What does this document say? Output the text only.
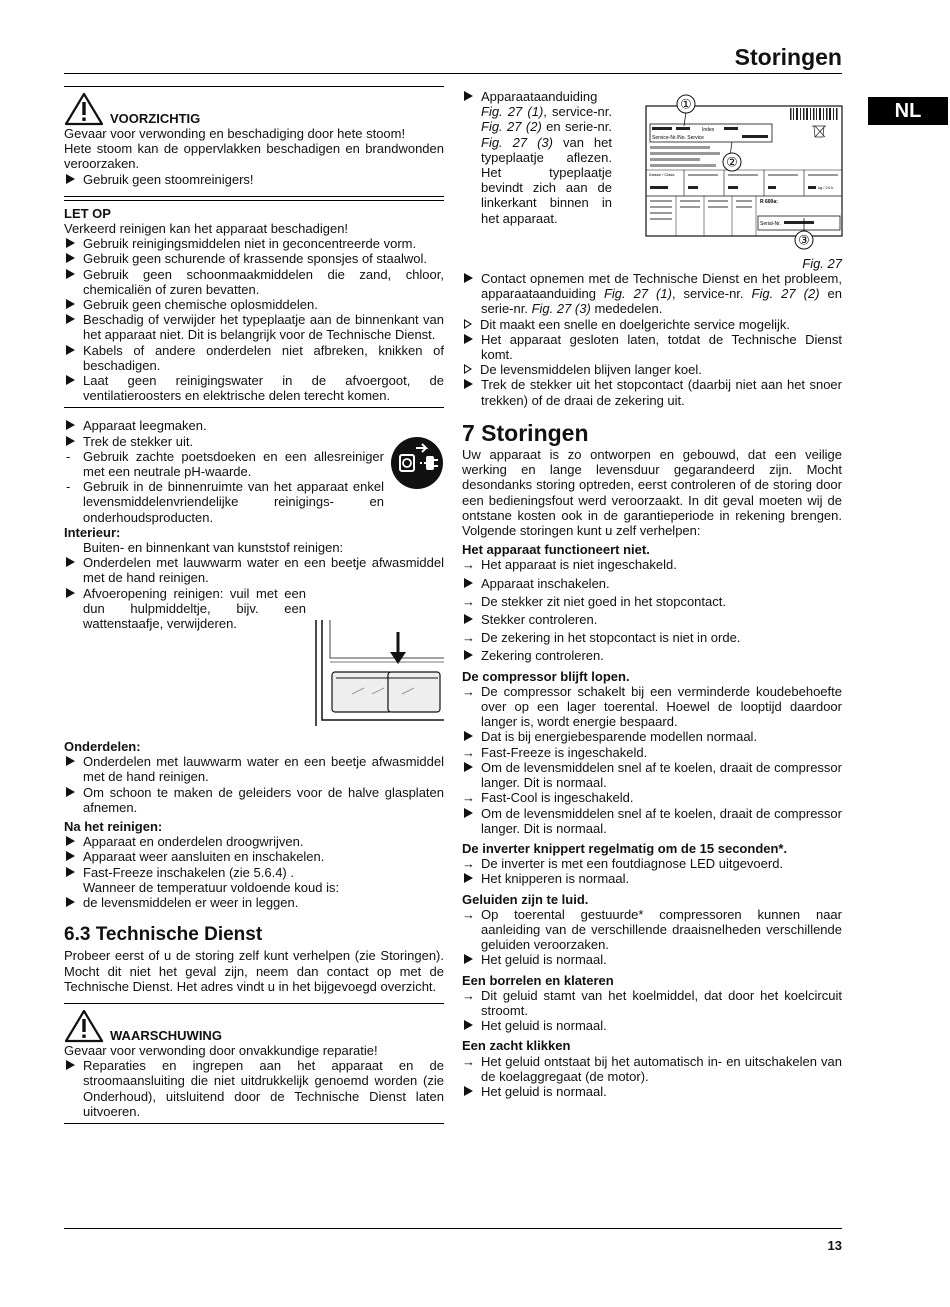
Storingen
NL
VOORZICHTIG

Gevaar voor verwonding en beschadiging door hete stoom!

Hete stoom kan de oppervlakken beschadigen en brandwonden veroorzaken.

Gebruik geen stoomreinigers!

LET OP

Verkeerd reinigen kan het apparaat beschadigen!

Gebruik reinigingsmiddelen niet in geconcentreerde vorm.
Gebruik geen schurende of krassende sponsjes of staalwol.
Gebruik geen schoonmaakmiddelen die zand, chloor, chemicaliën of zuren bevatten.
Gebruik geen chemische oplosmiddelen.
Beschadig of verwijder het typeplaatje aan de binnenkant van het apparaat niet. Dit is belangrijk voor de Technische Dienst.
Kabels of andere onderdelen niet afbreken, knikken of beschadigen.
Laat geen reinigingswater in de afvoergoot, de ventilatieroosters en elektrische delen terecht komen.
Apparaat leegmaken.
Trek de stekker uit.
- Gebruik zachte poetsdoeken en een allesreiniger met een neutrale pH-waarde.
- Gebruik in de binnenruimte van het apparaat enkel levensmiddelenvriendelijke reinigings- en onderhoudsproducten.

Interieur:

Buiten- en binnenkant van kunststof reinigen:

Onderdelen met lauwwarm water en een beetje afwasmiddel met de hand reinigen.
Afvoeropening reinigen: vuil met een dun hulpmiddeltje, bijv. een wattenstaafje, verwijderen.

Onderdelen:

Onderdelen met lauwwarm water en een beetje afwasmiddel met de hand reinigen.
Om schoon te maken de geleiders voor de halve glasplaten afnemen.

Na het reinigen:

Apparaat en onderdelen droogwrijven.
Apparaat weer aansluiten en inschakelen.
Fast-Freeze inschakelen (zie 5.6.4) .

Wanneer de temperatuur voldoende koud is:

de levensmiddelen er weer in leggen.

6.3 Technische Dienst

Probeer eerst of u de storing zelf kunt verhelpen (zie Storingen). Mocht dit niet het geval zijn, neem dan contact op met de Technische Dienst. Het adres vindt u in het bijgevoegd overzicht.

WAARSCHUWING

Gevaar voor verwonding door onvakkundige reparatie!

Reparaties en ingrepen aan het apparaat en de stroomaansluiting die niet uitdrukkelijk genoemd worden (zie Onderhoud), uitsluitend door de Technische Dienst laten uitvoeren.
Apparaataanduiding Fig. 27 (1), service-nr. Fig. 27 (2) en serie-nr. Fig. 27 (3) van het typeplaatje aflezen. Het typeplaatje bevindt zich aan de linkerkant binnen in het apparaat.
Index
Service-Nr./No. Service
Klasse / Class
kg / 24 h
R 600a:
Serial-Nr.
①
②
③
Fig. 27
Contact opnemen met de Technische Dienst en het probleem, apparaataanduiding Fig. 27 (1), service-nr. Fig. 27 (2) en serie-nr. Fig. 27 (3) mededelen.
Dit maakt een snelle en doelgerichte service mogelijk.
Het apparaat gesloten laten, totdat de Technische Dienst komt.
De levensmiddelen blijven langer koel.
Trek de stekker uit het stopcontact (daarbij niet aan het snoer trekken) of de draai de zekering uit.

7 Storingen

Uw apparaat is zo ontworpen en gebouwd, dat een veilige werking en lange levensduur gegarandeerd zijn. Mocht desondanks storing optreden, eerst controleren of de storing door een bedieningsfout werd veroorzaakt. In dit geval moeten wij de ontstane kosten ook in de garantieperiode in rekening brengen. Volgende storingen kunt u zelf verhelpen:

Het apparaat functioneert niet.

→ Het apparaat is niet ingeschakeld.
Apparaat inschakelen.
→ De stekker zit niet goed in het stopcontact.
Stekker controleren.
→ De zekering in het stopcontact is niet in orde.
Zekering controleren.

De compressor blijft lopen.

→ De compressor schakelt bij een verminderde koudebehoefte over op een lager toerental. Hoewel de looptijd daardoor langer is, wordt energie bespaard.
Dat is bij energiebesparende modellen normaal.
→ Fast-Freeze is ingeschakeld.
Om de levensmiddelen snel af te koelen, draait de compressor langer. Dit is normaal.
→ Fast-Cool is ingeschakeld.
Om de levensmiddelen snel af te koelen, draait de compressor langer. Dit is normaal.

De inverter knippert regelmatig om de 15 seconden*.

→ De inverter is met een foutdiagnose LED uitgevoerd.
Het knipperen is normaal.

Geluiden zijn te luid.

→ Op toerental gestuurde* compressoren kunnen naar aanleiding van de verschillende draaisnelheden verschillende geluiden veroorzaken.
Het geluid is normaal.

Een borrelen en klateren

→ Dit geluid stamt van het koelmiddel, dat door het koelcircuit stroomt.
Het geluid is normaal.

Een zacht klikken

→ Het geluid ontstaat bij het automatisch in- en uitschakelen van de koelaggregaat (de motor).
Het geluid is normaal.
13
